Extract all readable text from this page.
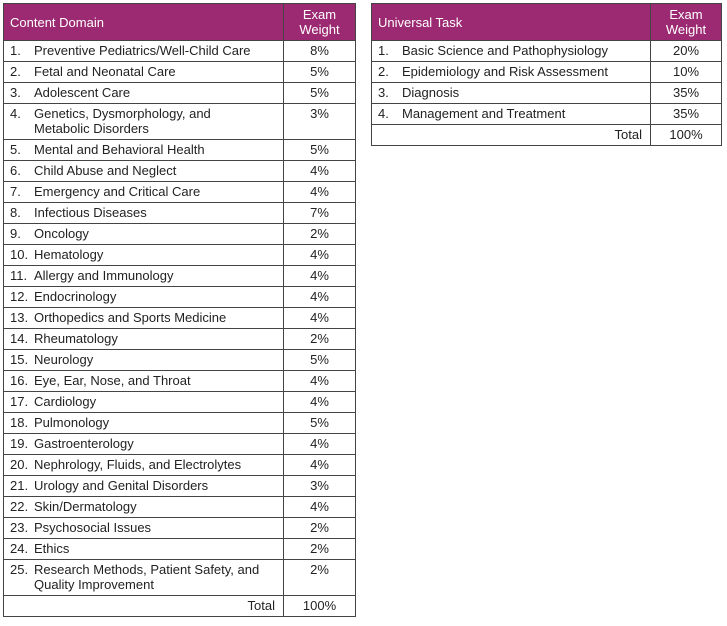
Content Domain	Exam
Weight

1. Preventive Pediatrics/Well-Child Care	8%

2. Fetal and Neonatal Care	5%

3. Adolescent Care	5%

4. Genetics, Dysmorphology, and
Metabolic Disorders	3%

5. Mental and Behavioral Health	5%

6. Child Abuse and Neglect	4%

7. Emergency and Critical Care	4%

8. Infectious Diseases	7%

9. Oncology	2%

10. Hematology	4%

11. Allergy and Immunology	4%

12. Endocrinology	4%

13. Orthopedics and Sports Medicine	4%

14. Rheumatology	2%

15. Neurology	5%

16. Eye, Ear, Nose, and Throat	4%

17. Cardiology	4%

18. Pulmonology	5%

19. Gastroenterology	4%

20. Nephrology, Fluids, and Electrolytes	4%

21. Urology and Genital Disorders	3%

22. Skin/Dermatology	4%

23. Psychosocial Issues	2%

24. Ethics	2%

25. Research Methods, Patient Safety, and
Quality Improvement	2%
Total	100%
Universal Task	Exam
Weight

1. Basic Science and Pathophysiology	20%

2. Epidemiology and Risk Assessment	10%

3. Diagnosis	35%

4. Management and Treatment	35%
Total	100%
